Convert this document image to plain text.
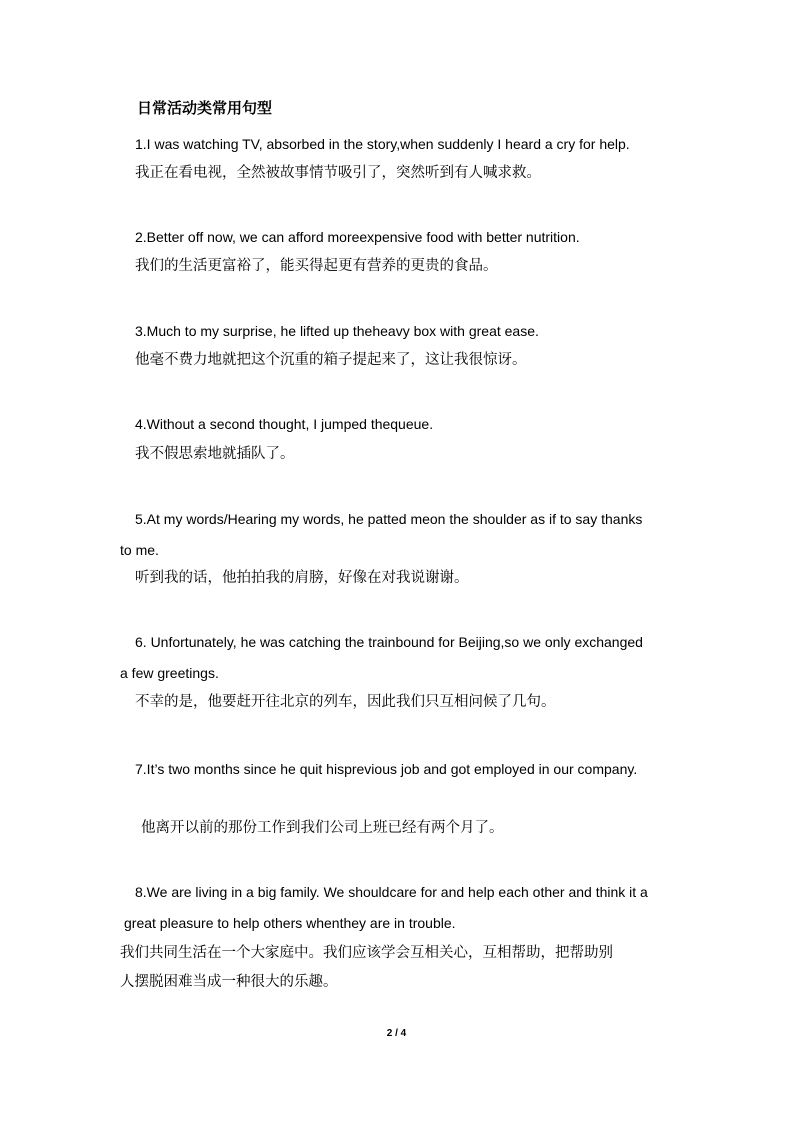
日常活动类常用句型
1.I was watching TV, absorbed in the story,when suddenly I heard a cry for help.
我正在看电视，全然被故事情节吸引了，突然听到有人喊求救。
2.Better off now, we can afford moreexpensive food with better nutrition.
我们的生活更富裕了，能买得起更有营养的更贵的食品。
3.Much to my surprise, he lifted up theheavy box with great ease.
他毫不费力地就把这个沉重的箱子提起来了，这让我很惊讶。
4.Without a second thought, I jumped thequeue.
我不假思索地就插队了。
5.At my words/Hearing my words, he patted meon the shoulder as if to say thanks
to me.
听到我的话，他拍拍我的肩膀，好像在对我说谢谢。
6. Unfortunately, he was catching the trainbound for Beijing,so we only exchanged
a few greetings.
不幸的是，他要赶开往北京的列车，因此我们只互相问候了几句。
7.It’s two months since he quit hisprevious job and got employed in our company.
他离开以前的那份工作到我们公司上班已经有两个月了。
8.We are living in a big family. We shouldcare for and help each other and think it a
great pleasure to help others whenthey are in trouble.
我们共同生活在一个大家庭中。我们应该学会互相关心，互相帮助，把帮助别
人摆脱困难当成一种很大的乐趣。
2 / 4
